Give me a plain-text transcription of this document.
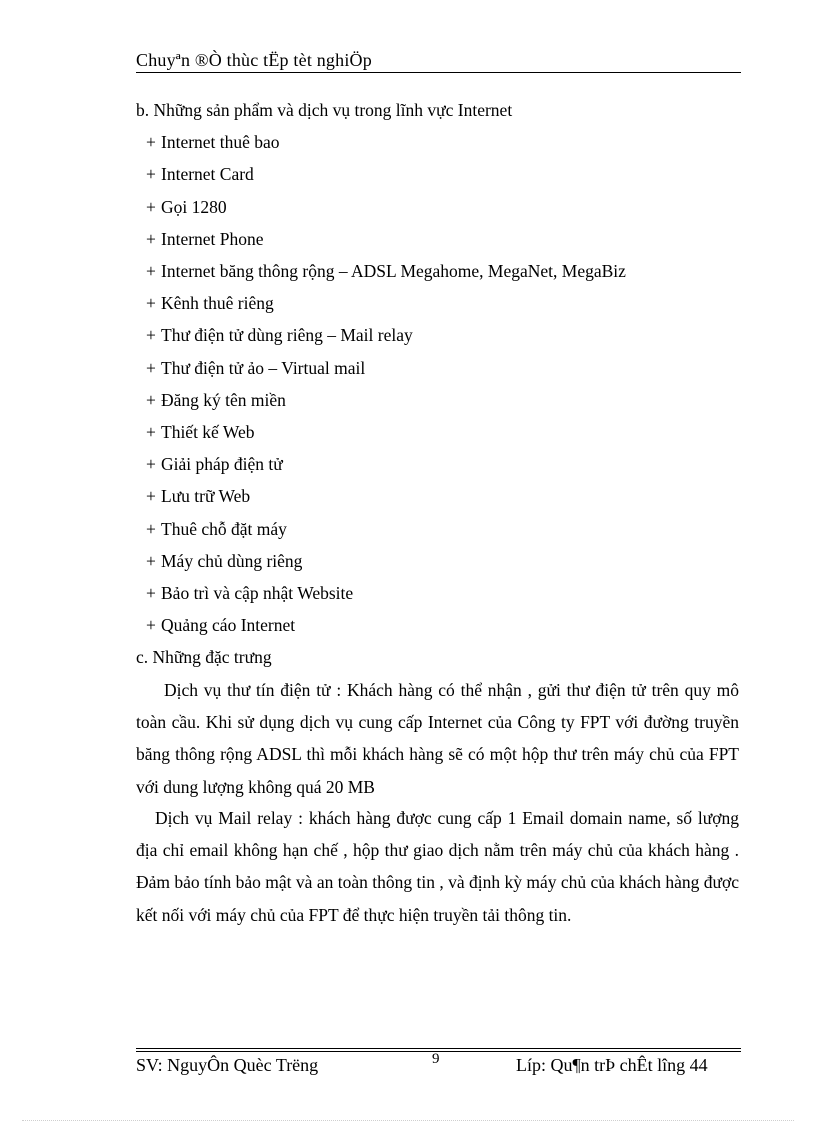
Chuyªn ®Ò thùc tËp tèt nghiÖp
b. Những sản phẩm và dịch vụ trong lĩnh vực Internet
+ Internet thuê bao
+ Internet Card
+ Gọi 1280
+ Internet Phone
+ Internet băng thông rộng – ADSL Megahome, MegaNet, MegaBiz
+ Kênh thuê riêng
+ Thư điện tử dùng riêng – Mail relay
+ Thư điện tử ảo – Virtual mail
+ Đăng ký tên miền
+ Thiết kế Web
+ Giải pháp điện tử
+ Lưu trữ Web
+ Thuê chỗ đặt máy
+ Máy chủ dùng riêng
+ Bảo trì và cập nhật Website
+ Quảng cáo Internet
c. Những đặc trưng
Dịch vụ thư tín điện tử : Khách hàng có thể nhận , gửi thư điện tử trên quy mô toàn cầu. Khi sử dụng dịch vụ cung cấp Internet của Công ty FPT với đường truyền băng thông rộng ADSL thì mỗi khách hàng sẽ có một hộp thư trên máy chủ của FPT với dung lượng không quá 20 MB
Dịch vụ Mail relay : khách hàng được cung cấp 1 Email domain name, số lượng địa chỉ email không hạn chế , hộp thư giao dịch nằm trên máy chủ của khách hàng . Đảm bảo tính bảo mật và an toàn thông tin , và định kỳ máy chủ của khách hàng được kết nối với máy chủ của FPT để thực hiện truyền tải thông tin.
SV: NguyÔn Quèc Trëng	9	Líp: Qu¶n trÞ chÊt lîng 44
